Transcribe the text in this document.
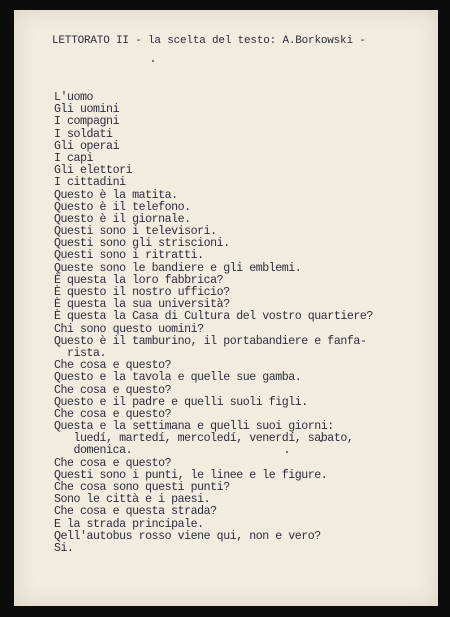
LETTORATO II - la scelta del testo: A.Borkowski -
L'uomo
Gli uomini
I compagni
I soldati
Gli operai
I capi
Gli elettori
I cittadini
Questo è la matita.
Questo è il telefono.
Questo è il giornale.
Questi sono i televisori.
Questi sono gli striscioni.
Questi sono i ritratti.
Queste sono le bandiere e gli emblemi.
È questa la loro fabbrica?
È questo il nostro ufficio?
È questa la sua università?
È questa la Casa di Cultura del vostro quartiere?
Chi sono questo uomini?
Questo è il tamburino, il portabandiere e fanfa-
rista.
Che cosa e questo?
Questo e la tavola e quelle sue gamba.
Che cosa e questo?
Questo e il padre e quelli suoli figli.
Che cosa e questo?
Questa e la settimana e quelli suoi giorni:
luedí, martedí, mercoledí, venerdí, sabato,
domenica.
Che cosa e questo?
Questi sono i punti, le linee e le figure.
Che cosa sono questi punti?
Sono le città e i paesi.
Che cosa e questa strada?
E la strada principale.
Qell'autobus rosso viene qui, non e vero?
Si.
